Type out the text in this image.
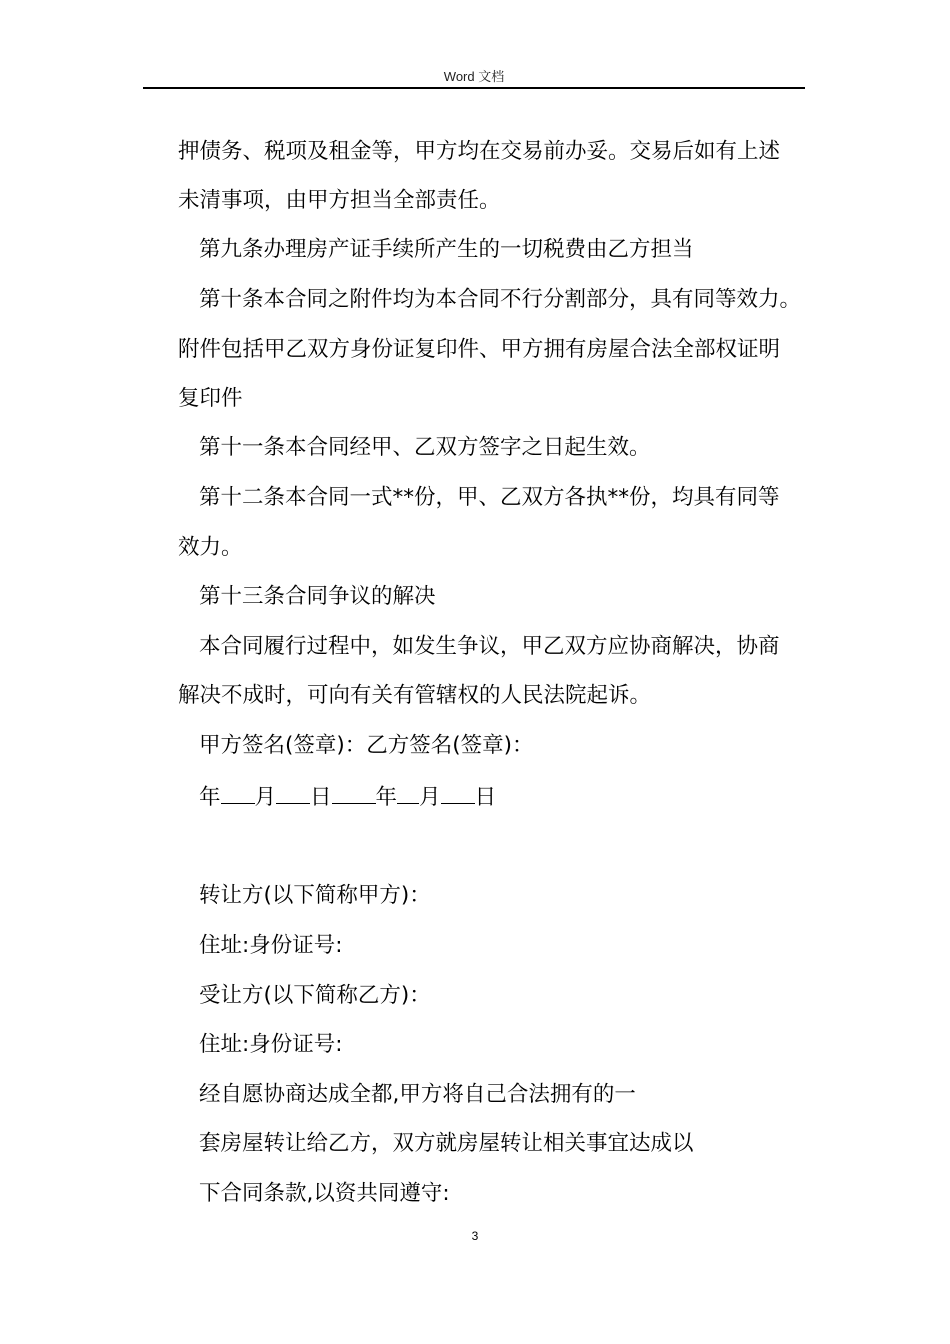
Word 文档
押债务、税项及租金等，甲方均在交易前办妥。交易后如有上述
未清事项，由甲方担当全部责任。
第九条办理房产证手续所产生的一切税费由乙方担当
第十条本合同之附件均为本合同不行分割部分，具有同等效力。
附件包括甲乙双方身份证复印件、甲方拥有房屋合法全部权证明
复印件
第十一条本合同经甲、乙双方签字之日起生效。
第十二条本合同一式**份，甲、乙双方各执**份，均具有同等
效力。
第十三条合同争议的解决
本合同履行过程中，如发生争议，甲乙双方应协商解决，协商
解决不成时，可向有关有管辖权的人民法院起诉。
甲方签名(签章)：乙方签名(签章)：
年 月 日 年 月 日
转让方(以下简称甲方)：
住址:身份证号:
受让方(以下简称乙方)：
住址:身份证号:
经自愿协商达成全都,甲方将自己合法拥有的一
套房屋转让给乙方，双方就房屋转让相关事宜达成以
下合同条款,以资共同遵守:
3
